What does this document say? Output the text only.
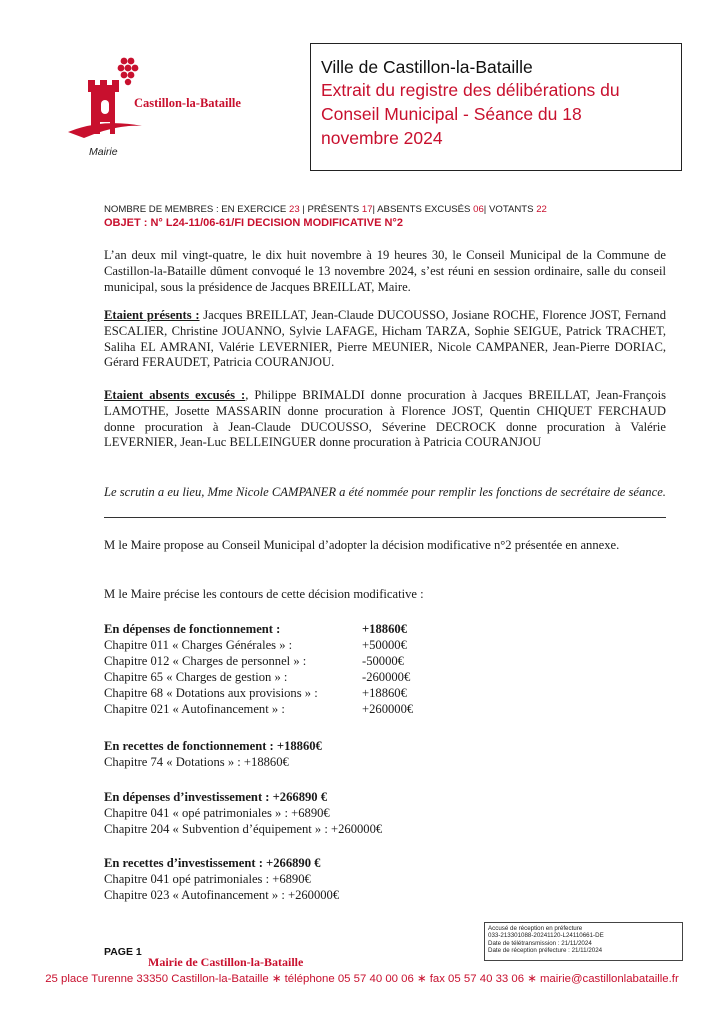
Castillon-la-Bataille
Mairie
Ville de Castillon-la-Bataille
Extrait du registre des délibérations du
Conseil Municipal - Séance du 18
novembre 2024
NOMBRE DE MEMBRES : EN EXERCICE 23 | PRÉSENTS 17| ABSENTS EXCUSÉS 06| VOTANTS 22
OBJET : N° L24-11/06-61/FI DECISION MODIFICATIVE N°2
L’an deux mil vingt-quatre, le dix huit novembre à 19 heures 30, le Conseil Municipal de la Commune de Castillon-la-Bataille dûment convoqué le 13 novembre 2024, s’est réuni en session ordinaire, salle du conseil municipal, sous la présidence de Jacques BREILLAT, Maire.
Etaient présents : Jacques BREILLAT, Jean-Claude DUCOUSSO, Josiane ROCHE, Florence JOST, Fernand ESCALIER, Christine JOUANNO, Sylvie LAFAGE, Hicham TARZA, Sophie SEIGUE, Patrick TRACHET, Saliha EL AMRANI, Valérie LEVERNIER, Pierre MEUNIER, Nicole CAMPANER, Jean-Pierre DORIAC, Gérard FERAUDET, Patricia COURANJOU.
Etaient absents excusés :, Philippe BRIMALDI donne procuration à Jacques BREILLAT, Jean-François LAMOTHE, Josette MASSARIN donne procuration à Florence JOST, Quentin CHIQUET FERCHAUD donne procuration à Jean-Claude DUCOUSSO, Séverine DECROCK donne procuration à Valérie LEVERNIER, Jean-Luc BELLEINGUER donne procuration à Patricia COURANJOU
Le scrutin a eu lieu, Mme Nicole CAMPANER a été nommée pour remplir les fonctions de secrétaire de séance.
M le Maire propose au Conseil Municipal d’adopter la décision modificative n°2 présentée en annexe.
M le Maire précise les contours de cette décision modificative :
En dépenses de fonctionnement :	+18860€
Chapitre 011 « Charges Générales » :	+50000€
Chapitre 012 « Charges de personnel » :	-50000€
Chapitre 65 « Charges de gestion » :	-260000€
Chapitre 68 « Dotations aux provisions » :	+18860€
Chapitre 021 « Autofinancement » :	+260000€
En recettes de fonctionnement : +18860€
Chapitre 74 « Dotations » : +18860€
En dépenses d’investissement : +266890 €
Chapitre 041 « opé patrimoniales » : +6890€
Chapitre 204 « Subvention d’équipement » : +260000€
En recettes d’investissement : +266890 €
Chapitre 041 opé patrimoniales : +6890€
Chapitre 023 « Autofinancement » : +260000€
Accusé de réception en préfecture
033-213301088-20241120-L24110661-DE
Date de télétransmission : 21/11/2024
Date de réception préfecture : 21/11/2024
PAGE 1
Mairie de Castillon-la-Bataille
25 place Turenne 33350 Castillon-la-Bataille ∗ téléphone 05 57 40 00 06 ∗ fax 05 57 40 33 06 ∗ mairie@castillonlabataille.fr
